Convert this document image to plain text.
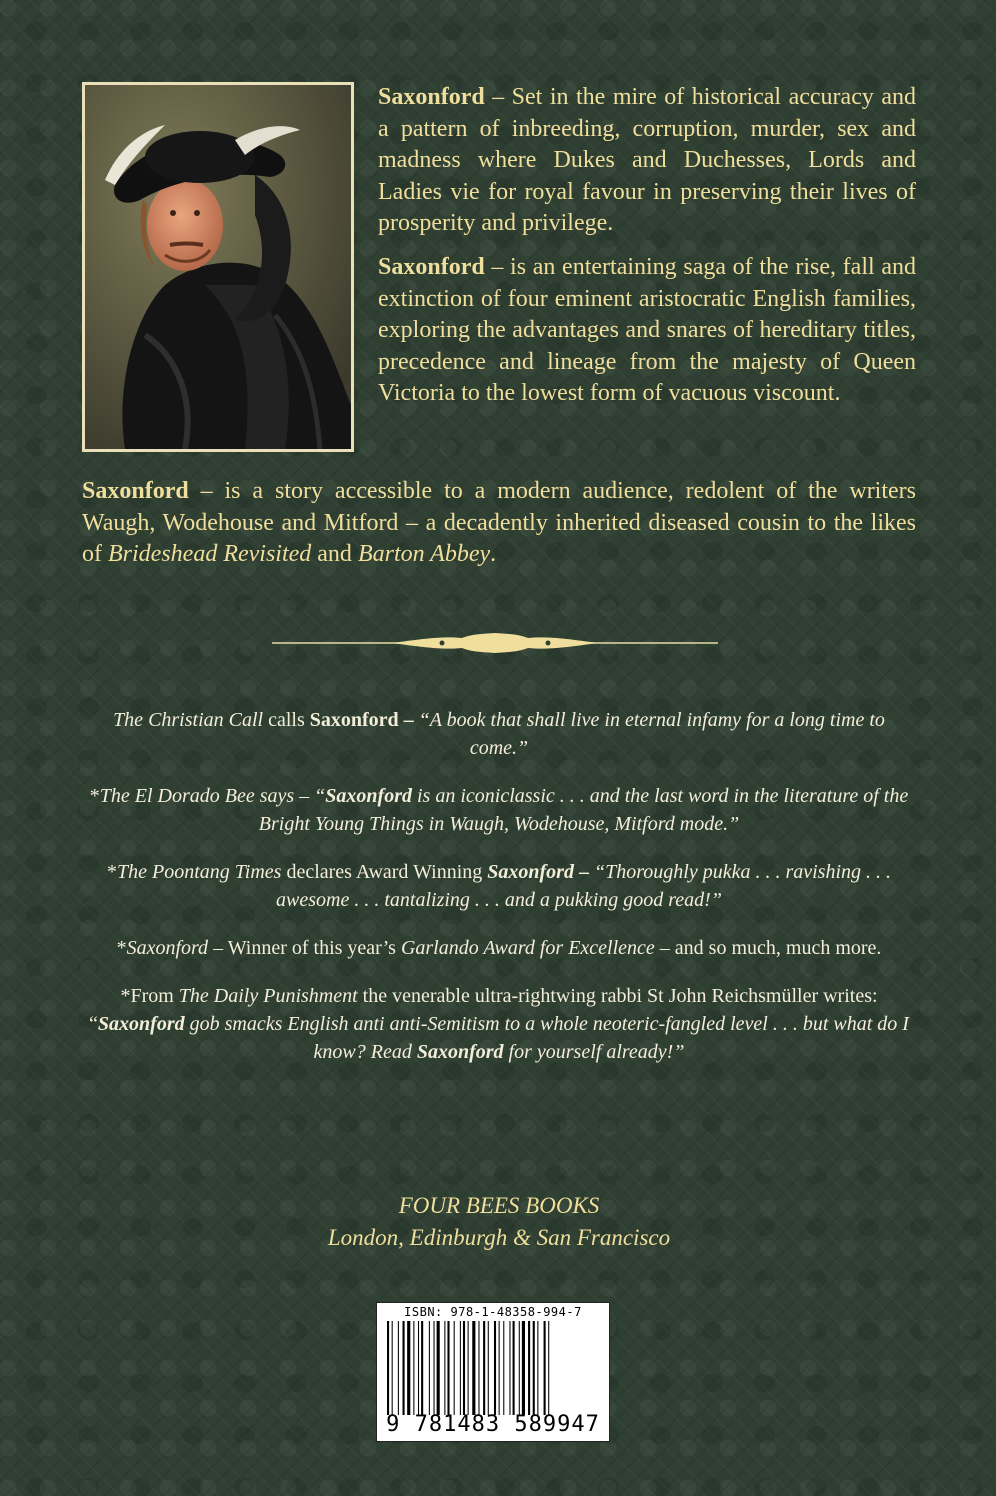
Saxonford – Set in the mire of historical accuracy and a pattern of inbreeding, corruption, murder, sex and madness where Dukes and Duchesses, Lords and Ladies vie for royal favour in preserving their lives of prosperity and privilege.

Saxonford – is an entertaining saga of the rise, fall and extinction of four eminent aristocratic English families, exploring the advantages and snares of hereditary titles, precedence and lineage from the majesty of Queen Victoria to the lowest form of vacuous viscount.

Saxonford – is a story accessible to a modern audience, redolent of the writers Waugh, Wodehouse and Mitford – a decadently inherited diseased cousin to the likes of Brideshead Revisited and Barton Abbey.

The Christian Call calls Saxonford – “A book that shall live in eternal infamy for a long time to come.”

*The El Dorado Bee says – “Saxonford is an iconiclassic . . . and the last word in the literature of the Bright Young Things in Waugh, Wodehouse, Mitford mode.”

*The Poontang Times declares Award Winning Saxonford – “Thoroughly pukka . . . ravishing . . . awesome . . . tantalizing . . . and a pukking good read!”

*Saxonford – Winner of this year’s Garlando Award for Excellence – and so much, much more.

*From The Daily Punishment the venerable ultra-rightwing rabbi St John Reichsmüller writes: “Saxonford gob smacks English anti anti-Semitism to a whole neoteric-fangled level . . . but what do I know? Read Saxonford for yourself already!”

FOUR BEES BOOKS
London, Edinburgh & San Francisco
ISBN: 978-1-48358-994-7
9 781483 589947
